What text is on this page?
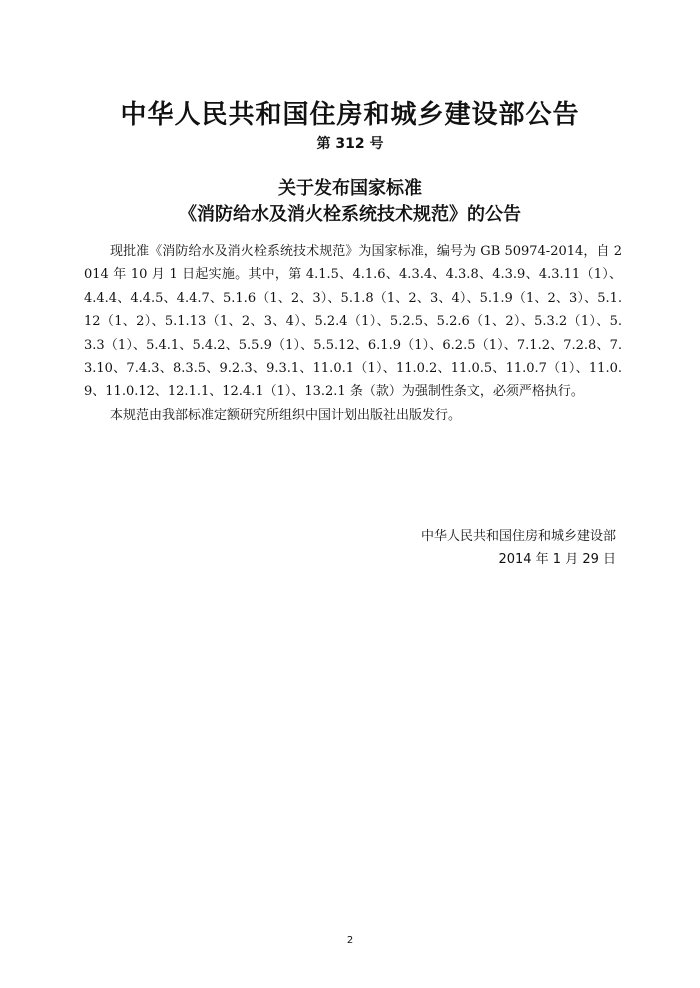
中华人民共和国住房和城乡建设部公告
第 312 号
关于发布国家标准
《消防给水及消火栓系统技术规范》的公告

现批准《消防给水及消火栓系统技术规范》为国家标准，编号为 GB 50974-2014，自 2014 年 10 月 1 日起实施。其中，第 4.1.5、4.1.6、4.3.4、4.3.8、4.3.9、4.3.11（1）、4.4.4、4.4.5、4.4.7、5.1.6（1、2、3）、5.1.8（1、2、3、4）、5.1.9（1、2、3）、5.1.12（1、2）、5.1.13（1、2、3、4）、5.2.4（1）、5.2.5、5.2.6（1、2）、5.3.2（1）、5.3.3（1）、5.4.1、5.4.2、5.5.9（1）、5.5.12、6.1.9（1）、6.2.5（1）、7.1.2、7.2.8、7.3.10、7.4.3、8.3.5、9.2.3、9.3.1、11.0.1（1）、11.0.2、11.0.5、11.0.7（1）、11.0.9、11.0.12、12.1.1、12.4.1（1）、13.2.1 条（款）为强制性条文，必须严格执行。

本规范由我部标准定额研究所组织中国计划出版社出版发行。

中华人民共和国住房和城乡建设部
2014 年 1 月 29 日
2
